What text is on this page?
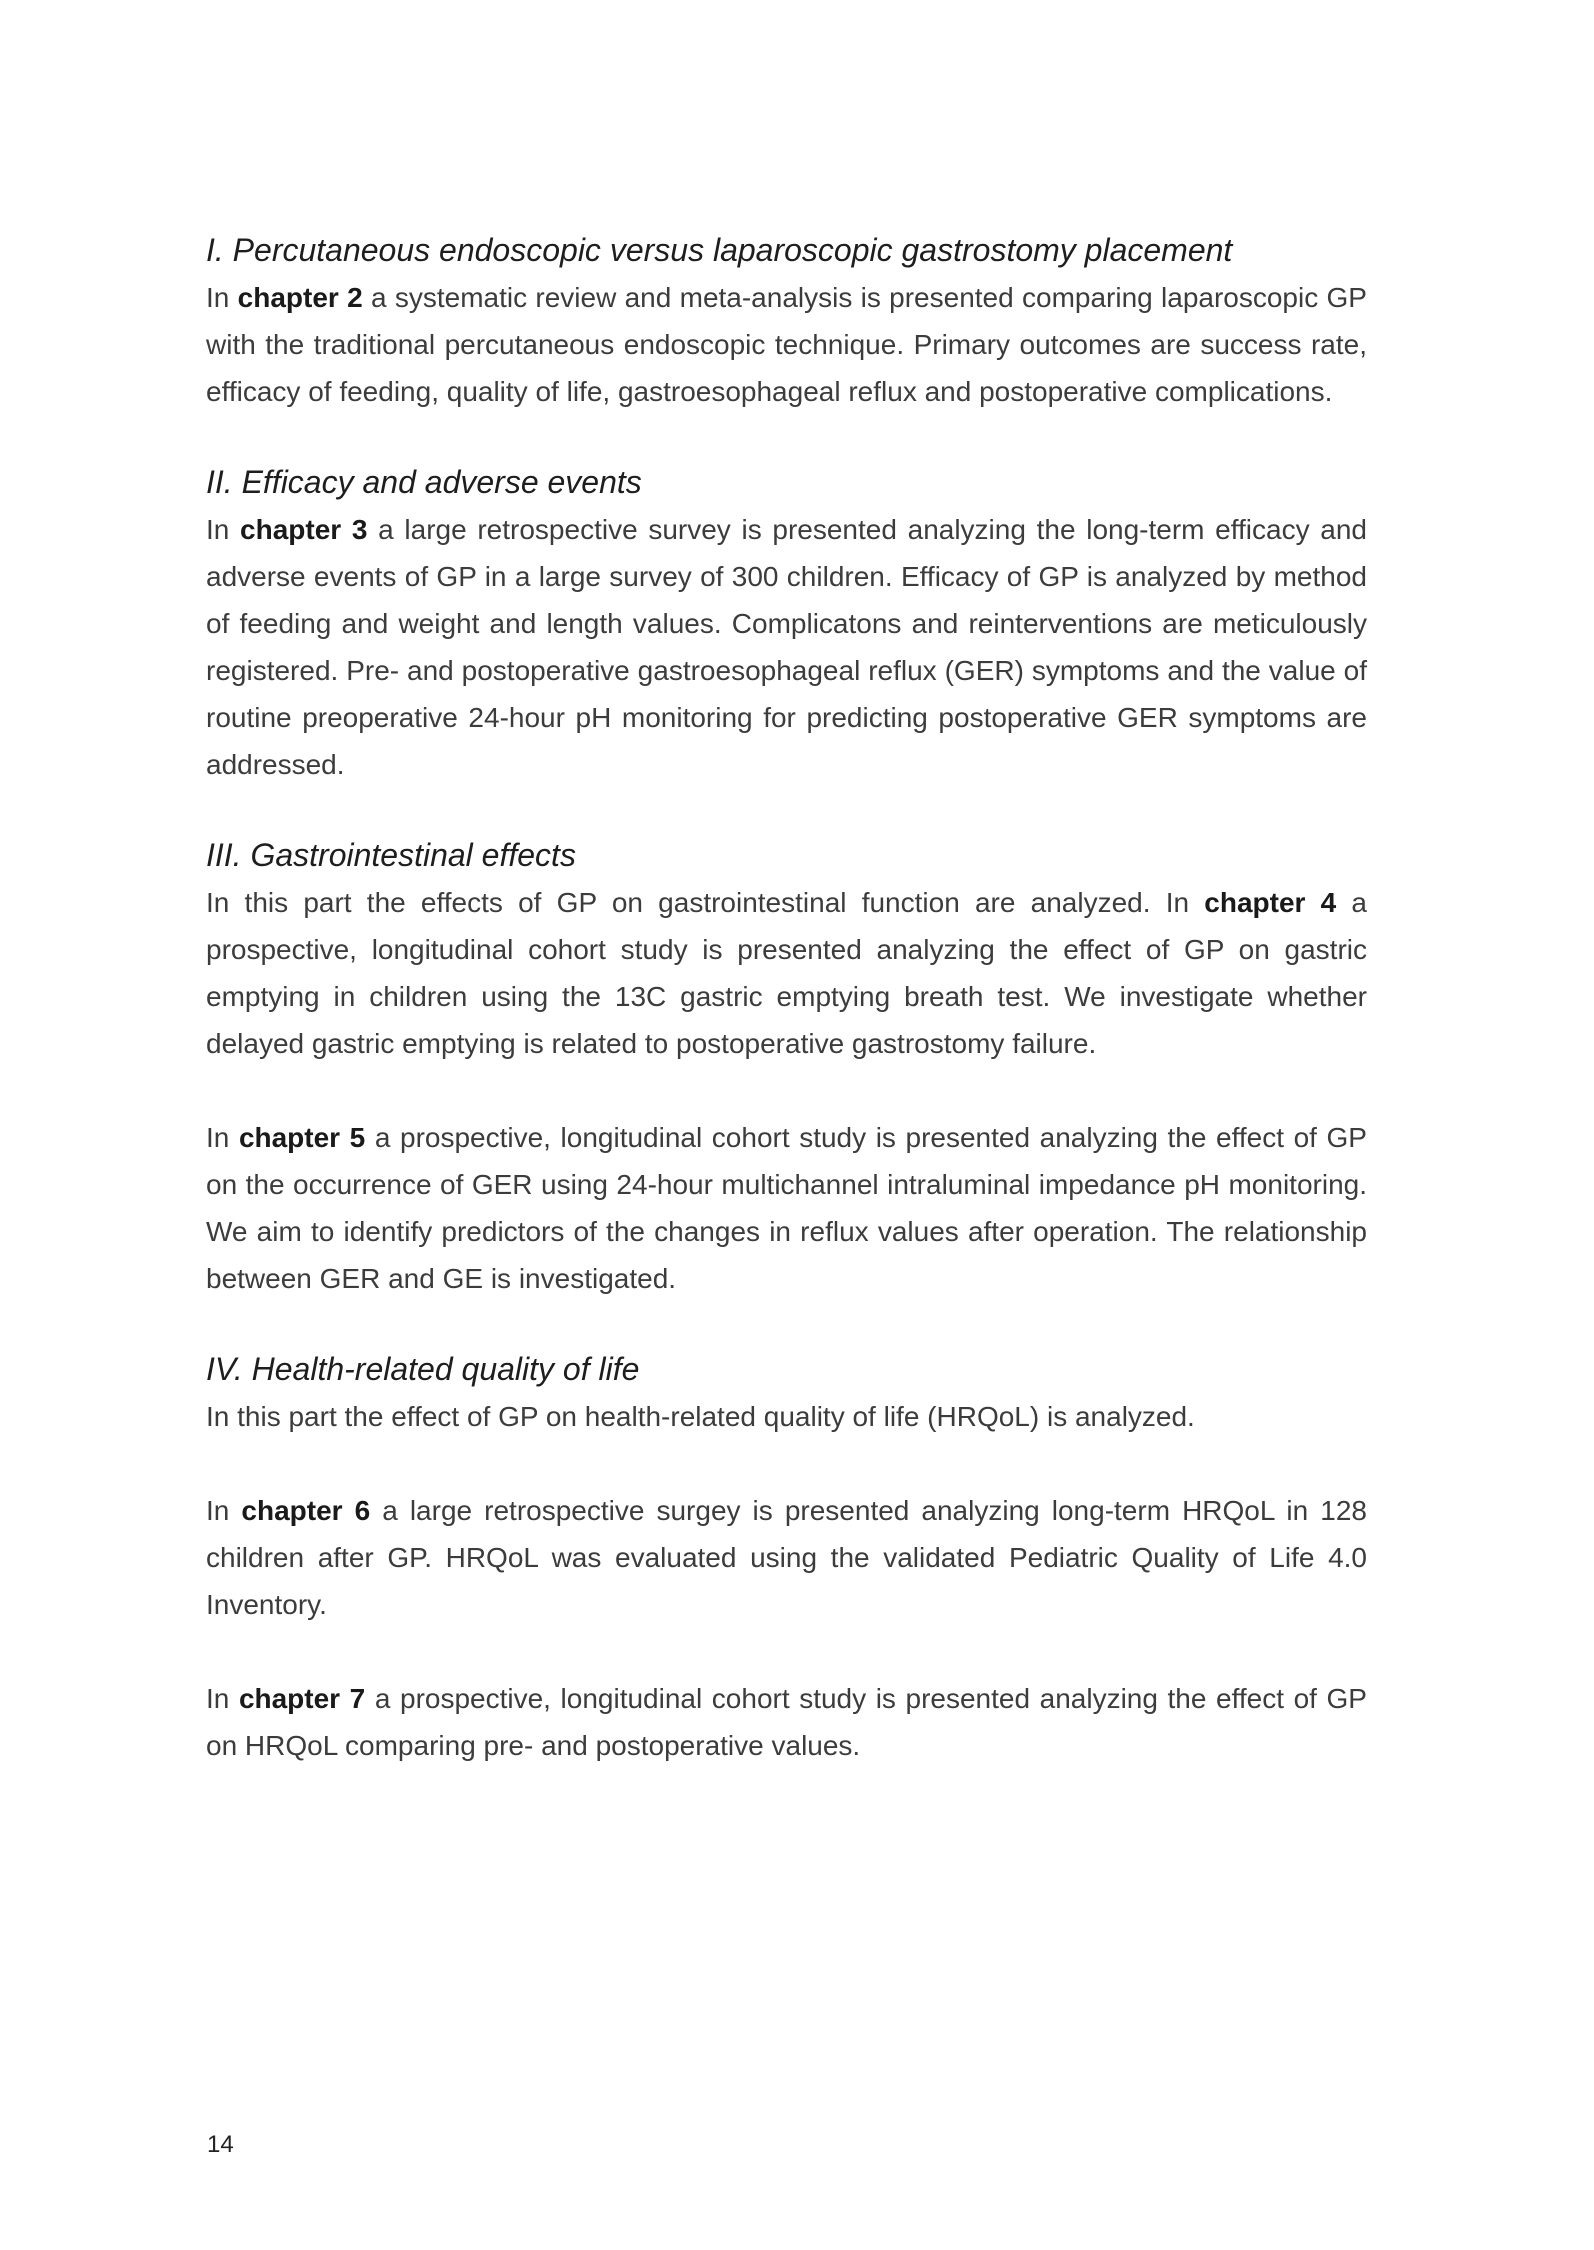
I. Percutaneous endoscopic versus laparoscopic gastrostomy placement

In chapter 2 a systematic review and meta-analysis is presented comparing laparoscopic GP with the traditional percutaneous endoscopic technique. Primary outcomes are success rate, efficacy of feeding, quality of life, gastroesophageal reflux and postoperative complications.

II. Efficacy and adverse events

In chapter 3 a large retrospective survey is presented analyzing the long-term efficacy and adverse events of GP in a large survey of 300 children. Efficacy of GP is analyzed by method of feeding and weight and length values. Complicatons and reinterventions are meticulously registered. Pre- and postoperative gastroesophageal reflux (GER) symptoms and the value of routine preoperative 24-hour pH monitoring for predicting postoperative GER symptoms are addressed.

III. Gastrointestinal effects

In this part the effects of GP on gastrointestinal function are analyzed. In chapter 4 a prospective, longitudinal cohort study is presented analyzing the effect of GP on gastric emptying in children using the 13C gastric emptying breath test. We investigate whether delayed gastric emptying is related to postoperative gastrostomy failure.

In chapter 5 a prospective, longitudinal cohort study is presented analyzing the effect of GP on the occurrence of GER using 24-hour multichannel intraluminal impedance pH monitoring. We aim to identify predictors of the changes in reflux values after operation. The relationship between GER and GE is investigated.

IV. Health-related quality of life

In this part the effect of GP on health-related quality of life (HRQoL) is analyzed.

In chapter 6 a large retrospective surgey is presented analyzing long-term HRQoL in 128 children after GP. HRQoL was evaluated using the validated Pediatric Quality of Life 4.0 Inventory.

In chapter 7 a prospective, longitudinal cohort study is presented analyzing the effect of GP on HRQoL comparing pre- and postoperative values.

14
